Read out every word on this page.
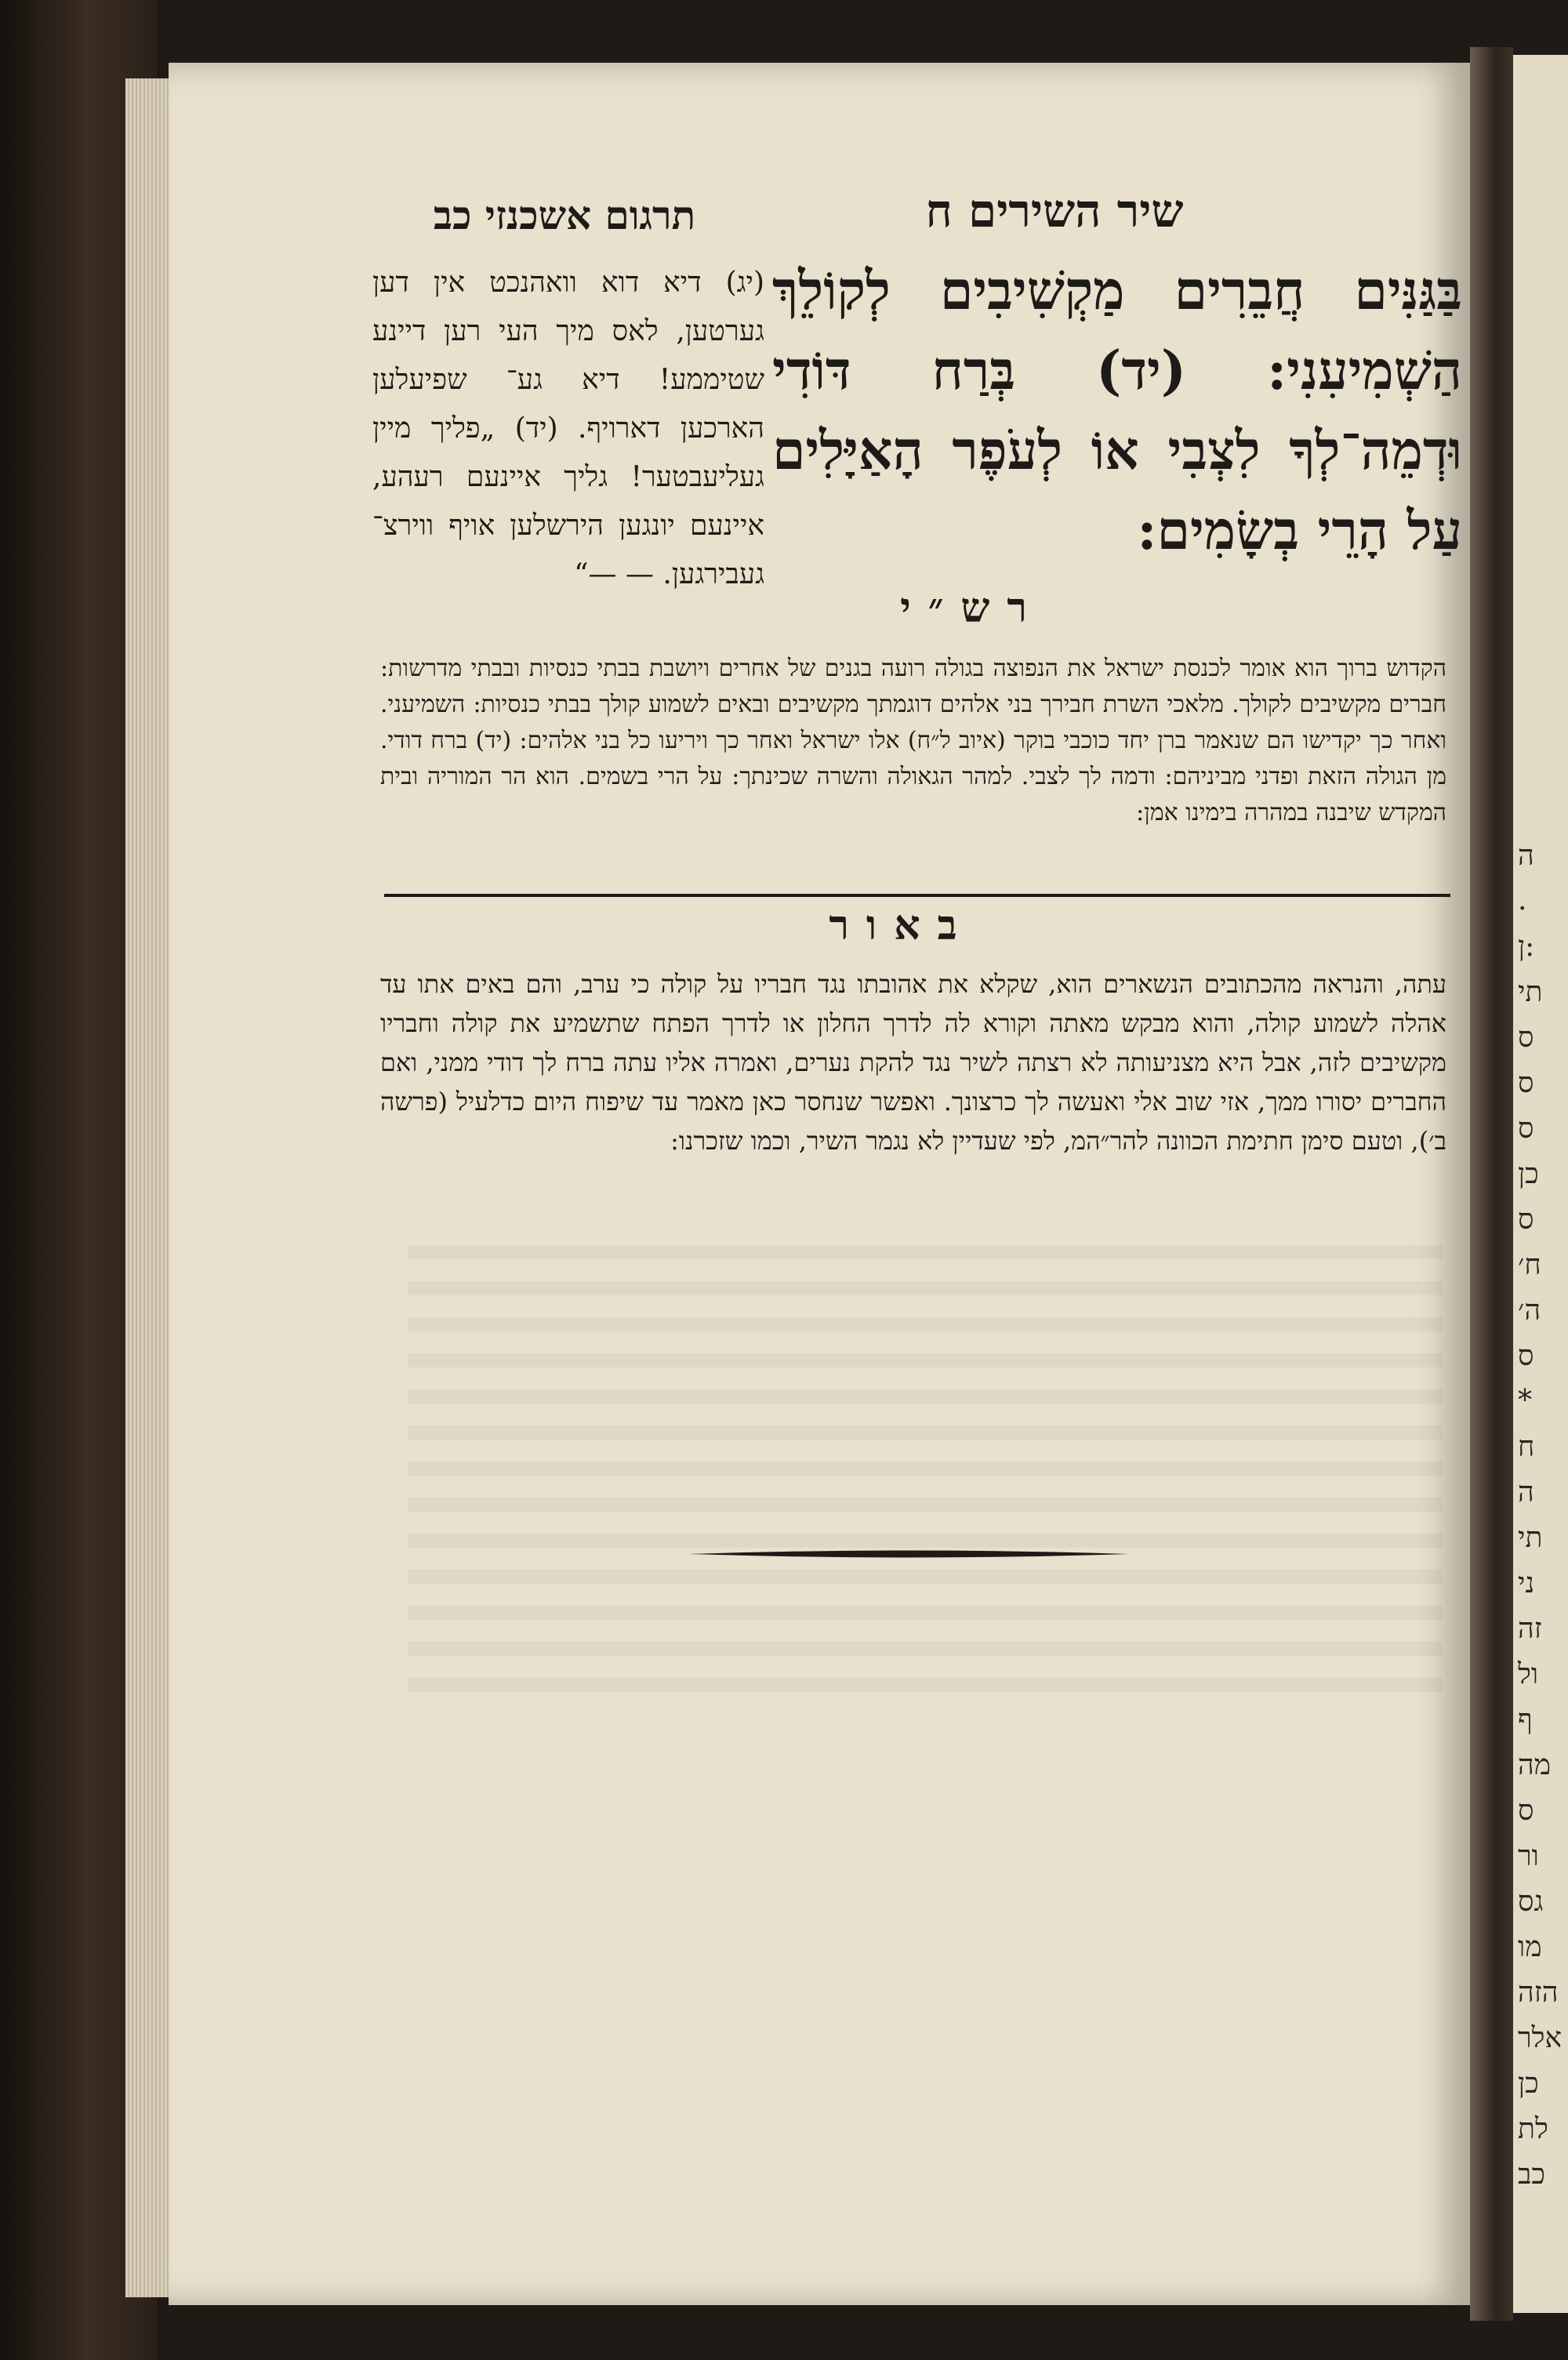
תרגום אשכנזי כב	שיר השירים ח
(יג) דיא דוא וואהנכט אין דען גערטען, לאס מיך העי רען דיינע שטיממע! דיא גע־ שפיעלען הארכען דארויף. (יד) „פליך מיין געליעבטער! גליך איינעם רעהע, איינעם יונגען הירשלען אויף ווירצ־ געבירגען. — —“
בַּגַּנִּים חֲבֵרִים מַקְשִׁיבִים לְקוֹלֵךְ הַשְׁמִיעִנִי: (יד) בְּרַח דּוֹדִי וּדְמֵה־לְךָ לִצְבִי אוֹ לְעֹפֶר הָאַיָּלִים עַל הָרֵי בְשָׂמִים:
רש״י
הקדוש ברוך הוא אומר לכנסת ישראל את הנפוצה בגולה רועה בגנים של אחרים ויושבת בבתי כנסיות ובבתי מדרשות: חברים מקשיבים לקולך. מלאכי השרת חבירך בני אלהים דוגמתך מקשיבים ובאים לשמוע קולך בבתי כנסיות: השמיעני. ואחר כך יקדישו הם שנאמר ברן יחד כוכבי בוקר (איוב ל״ח) אלו ישראל ואחר כך ויריעו כל בני אלהים: (יד) ברח דודי. מן הגולה הזאת ופדני מביניהם: ודמה לך לצבי. למהר הגאולה והשרה שכינתך: על הרי בשמים. הוא הר המוריה ובית המקדש שיבנה במהרה בימינו אמן:
באור
עתה, והנראה מהכתובים הנשארים הוא, שקלא את אהובתו נגד חבריו על קולה כי ערב, והם באים אתו עד אהלה לשמוע קולה, והוא מבקש מאתה וקורא לה לדרך החלון או לדרך הפתח שתשמיע את קולה וחבריו מקשיבים לזה, אבל היא מצניעותה לא רצתה לשיר נגד להקת נערים, ואמרה אליו עתה ברח לך דודי ממני, ואם החברים יסורו ממך, אזי שוב אלי ואעשה לך כרצונך. ואפשר שנחסר כאן מאמר עד שיפוח היום כדלעיל (פרשה ב׳), וטעם סימן חתימת הכוונה להר״המ, לפי שעדיין לא נגמר השיר, וכמו שזכרנו:
ה
.
:ן
תי
ס
ס
ס
כן
ס
ח׳
ה׳
ס
*
ח
ה
תי
ני
זה
ול
ף
מה
ס
ור
גס
מו
הזה
אלר
כן
לת
כב
